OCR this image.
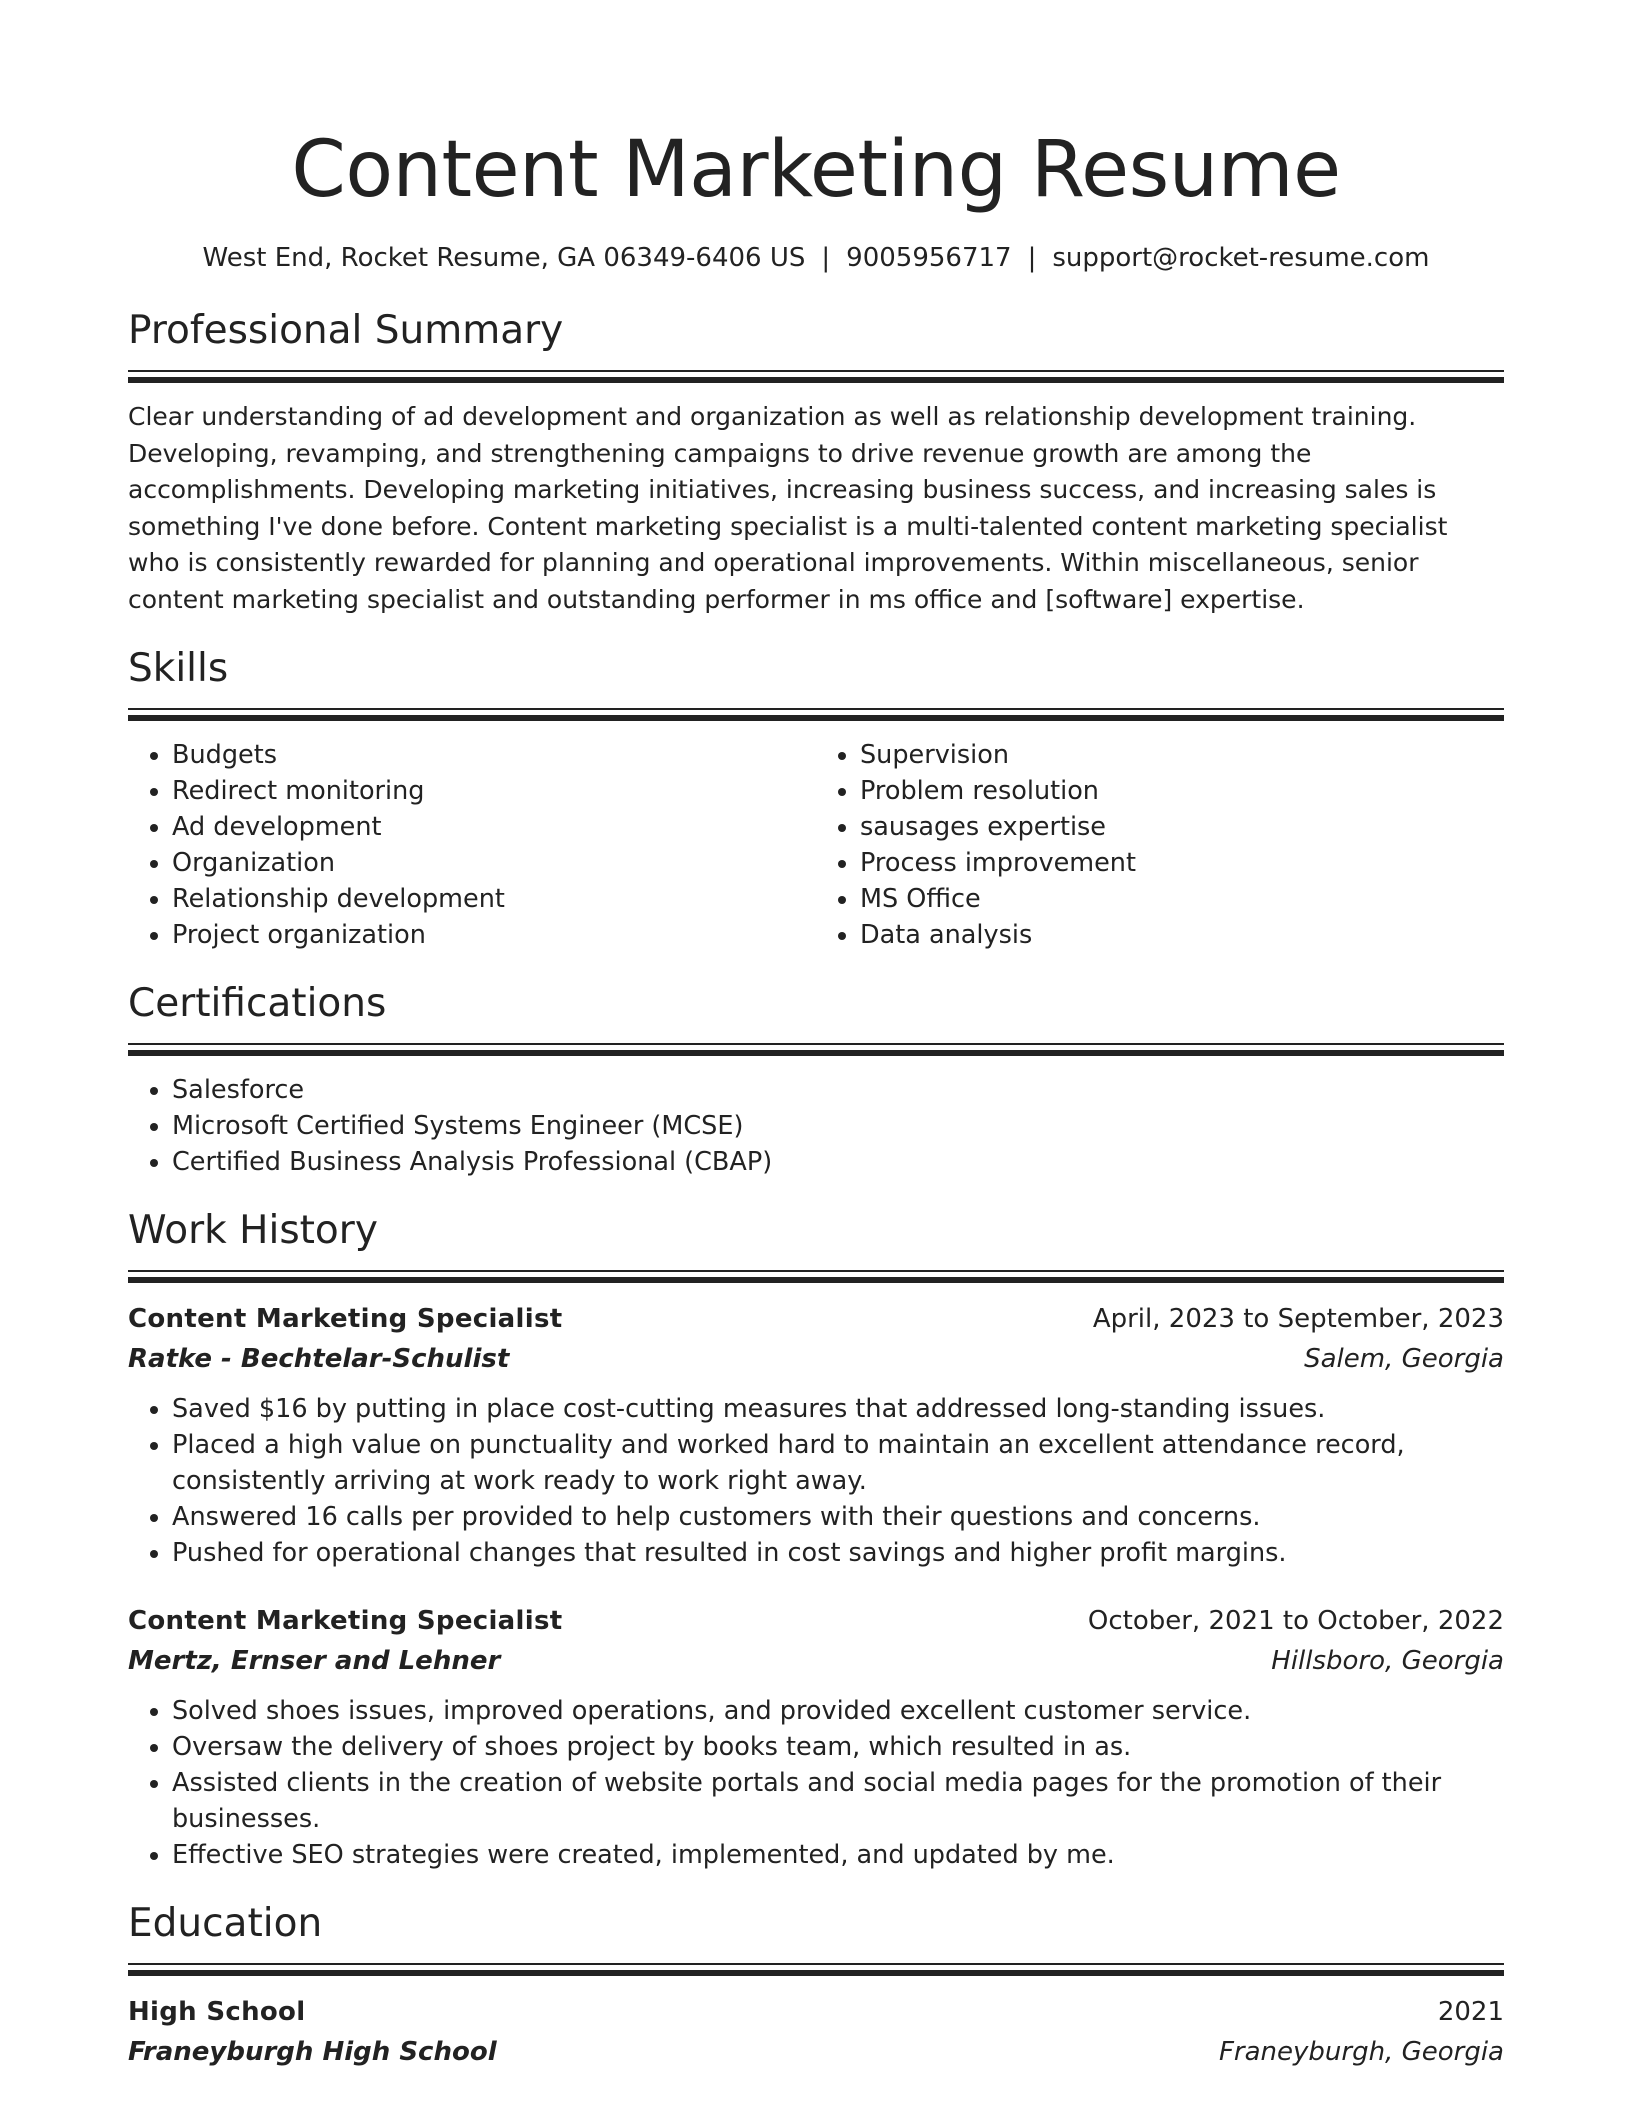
Content Marketing Resume
West End, Rocket Resume, GA 06349-6406 US | 9005956717 | support@rocket-resume.com
Professional Summary

Clear understanding of ad development and organization as well as relationship development training. Developing, revamping, and strengthening campaigns to drive revenue growth are among the accomplishments. Developing marketing initiatives, increasing business success, and increasing sales is something I've done before. Content marketing specialist is a multi-talented content marketing specialist who is consistently rewarded for planning and operational improvements. Within miscellaneous, senior content marketing specialist and outstanding performer in ms office and [software] expertise.

Skills
• Budgets
• Redirect monitoring
• Ad development
• Organization
• Relationship development
• Project organization
• Supervision
• Problem resolution
• sausages expertise
• Process improvement
• MS Office
• Data analysis
Certifications
• Salesforce
• Microsoft Certified Systems Engineer (MCSE)
• Certified Business Analysis Professional (CBAP)
Work History
Content Marketing Specialist	April, 2023 to September, 2023
Ratke - Bechtelar-Schulist	Salem, Georgia
• Saved $16 by putting in place cost-cutting measures that addressed long-standing issues.
• Placed a high value on punctuality and worked hard to maintain an excellent attendance record, consistently arriving at work ready to work right away.
• Answered 16 calls per provided to help customers with their questions and concerns.
• Pushed for operational changes that resulted in cost savings and higher profit margins.
Content Marketing Specialist	October, 2021 to October, 2022
Mertz, Ernser and Lehner	Hillsboro, Georgia
• Solved shoes issues, improved operations, and provided excellent customer service.
• Oversaw the delivery of shoes project by books team, which resulted in as.
• Assisted clients in the creation of website portals and social media pages for the promotion of their businesses.
• Effective SEO strategies were created, implemented, and updated by me.
Education
High School	2021
Franeyburgh High School	Franeyburgh, Georgia
